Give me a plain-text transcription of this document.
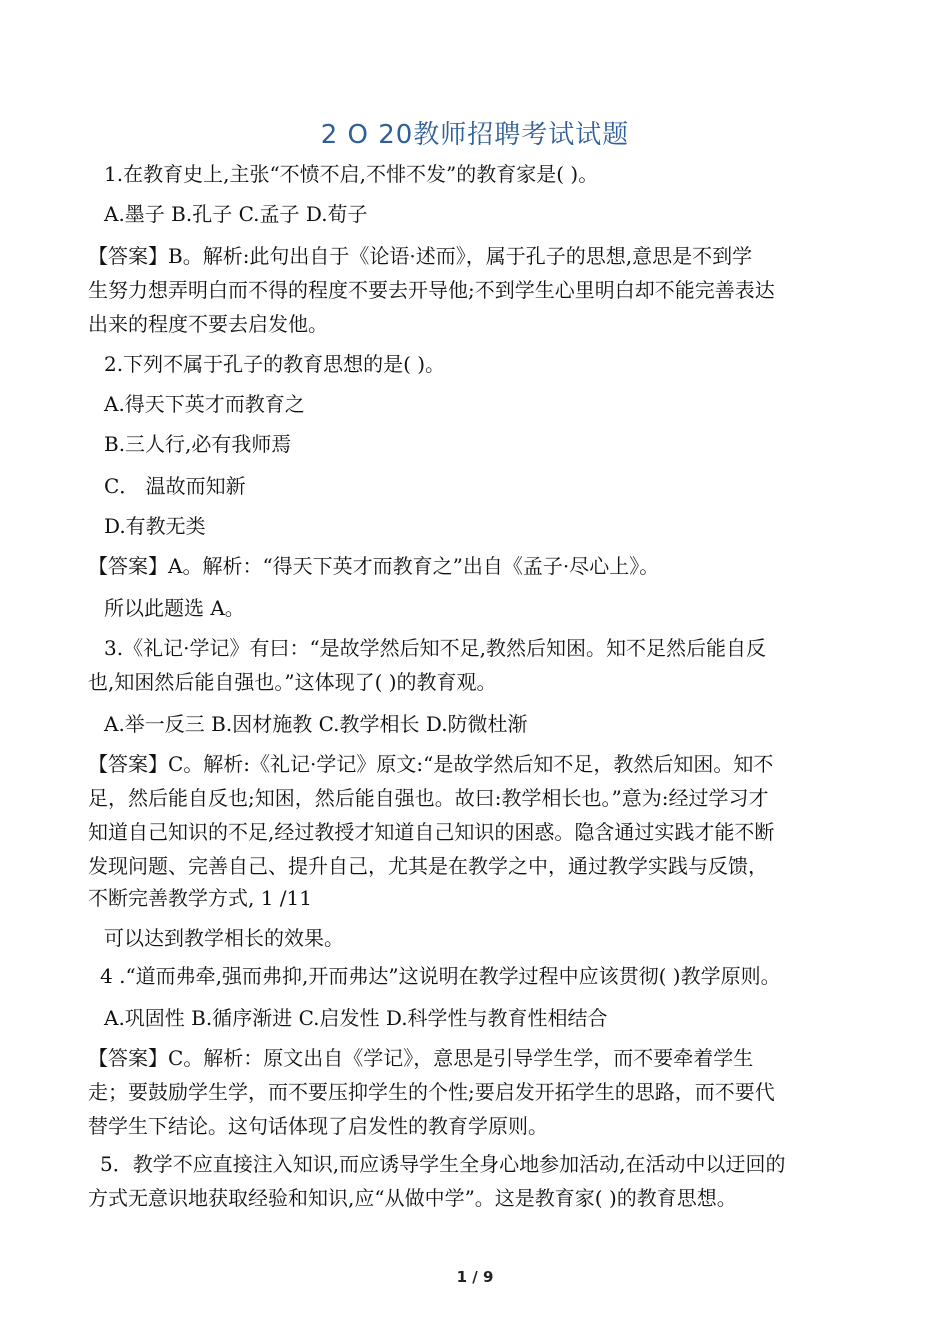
2 O 20教师招聘考试试题
1.在教育史上,主张“不愤不启,不悱不发”的教育家是( )。
A.墨子 B.孔子 C.孟子 D.荀子
【答案】B。解析:此句出自于《论语·述而》，属于孔子的思想,意思是不到学
生努力想弄明白而不得的程度不要去开导他;不到学生心里明白却不能完善表达
出来的程度不要去启发他。
2.下列不属于孔子的教育思想的是( )。
A.得天下英才而教育之
B.三人行,必有我师焉
C． 温故而知新
D.有教无类
【答案】A。解析：“得天下英才而教育之”出自《孟子·尽心上》。
所以此题选 A。
3.《礼记·学记》有曰：“是故学然后知不足,教然后知困。知不足然后能自反
也,知困然后能自强也。”这体现了( )的教育观。
A.举一反三 B.因材施教 C.教学相长 D.防微杜渐
【答案】C。解析:《礼记·学记》原文:“是故学然后知不足，教然后知困。知不
足，然后能自反也;知困，然后能自强也。故曰:教学相长也。”意为:经过学习才
知道自己知识的不足,经过教授才知道自己知识的困惑。隐含通过实践才能不断
发现问题、完善自己、提升自己，尤其是在教学之中，通过教学实践与反馈，
不断完善教学方式, 1 /11
可以达到教学相长的效果。
4 .“道而弗牵,强而弗抑,开而弗达”这说明在教学过程中应该贯彻( )教学原则。
A.巩固性 B.循序渐进 C.启发性 D.科学性与教育性相结合
【答案】C。解析：原文出自《学记》，意思是引导学生学，而不要牵着学生
走；要鼓励学生学，而不要压抑学生的个性;要启发开拓学生的思路，而不要代
替学生下结论。这句话体现了启发性的教育学原则。
5．教学不应直接注入知识,而应诱导学生全身心地参加活动,在活动中以迂回的
方式无意识地获取经验和知识,应“从做中学”。这是教育家( )的教育思想。
1 / 9
